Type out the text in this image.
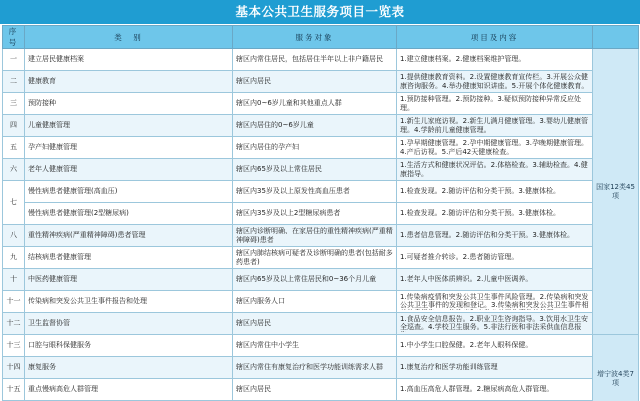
基本公共卫生服务项目一览表
序号	类　别	服务对象	项目及内容	
一	建立居民健康档案	辖区内常住居民，包括居住半年以上非户籍居民	1.建立健康档案。2.健康档案维护管理。	国家12类45项
二	健康教育	辖区内居民	1.提供健康教育资料。2.设置健康教育宣传栏。3.开展公众健康咨询服务。4.举办健康知识讲座。5.开展个体化健康教育。	

三	预防接种	辖区内0~6岁儿童和其他重点人群	1.预防接种管理。2.预防接种。3.疑似预防接种异常反应处理。	

四	儿童健康管理	辖区内居住的0~6岁儿童	1.新生儿家庭访视。2.新生儿满月健康管理。3.婴幼儿健康管理。4.学龄前儿童健康管理。	

五	孕产妇健康管理	辖区内居住的孕产妇	1.孕早期健康管理。2.孕中期健康管理。3.孕晚期健康管理。4.产后访视。5.产后42天健康检查。	

六	老年人健康管理	辖区内65岁及以上常住居民	1.生活方式和健康状况评估。2.体格检查。3.辅助检查。4.健康指导。	

七	慢性病患者健康管理(高血压)	辖区内35岁及以上原发性高血压患者	1.检查发现。2.随访评估和分类干预。3.健康体检。	

	慢性病患者健康管理(2型糖尿病)	辖区内35岁及以上2型糖尿病患者	1.检查发现。2.随访评估和分类干预。3.健康体检。	

八	重性精神疾病(严重精神障碍)患者管理	辖区内诊断明确、在家居住的重性精神疾病(严重精神障碍)患者	1.患者信息管理。2.随访评估和分类干预。3.健康体检。	

九	结核病患者健康管理	辖区内肺结核病可疑者及诊断明确的患者(包括耐多药患者)	1.可疑者推介转诊。2.患者随访管理。	

十	中医药健康管理	辖区内65岁及以上常住居民和0~36个月儿童	1.老年人中医体质辨识。2.儿童中医调养。	

十一	传染病和突发公共卫生事件报告和处理	辖区内服务人口	1.传染病疫情和突发公共卫生事件风险管理。2.传染病和突发公共卫生事件的发现和登记。3.传染病和突发公共卫生事件相	

十二	卫生监督协管	辖区内居民	1.食品安全信息报告。2.职业卫生咨询指导。3.饮用水卫生安全巡查。4.学校卫生服务。5.非法行医和非法采供血信息报	

十三	口腔与眼科保健服务	辖区内常住中小学生	1.中小学生口腔保健。2.老年人眼科保健。	增宁波4类7项
十四	康复服务	辖区内常住有康复治疗和医学功能训练需求人群	1.康复治疗和医学功能训练管理	

十五	重点慢病高危人群管理	辖区内居民	1.高血压高危人群管理。2.糖尿病高危人群管理。	
